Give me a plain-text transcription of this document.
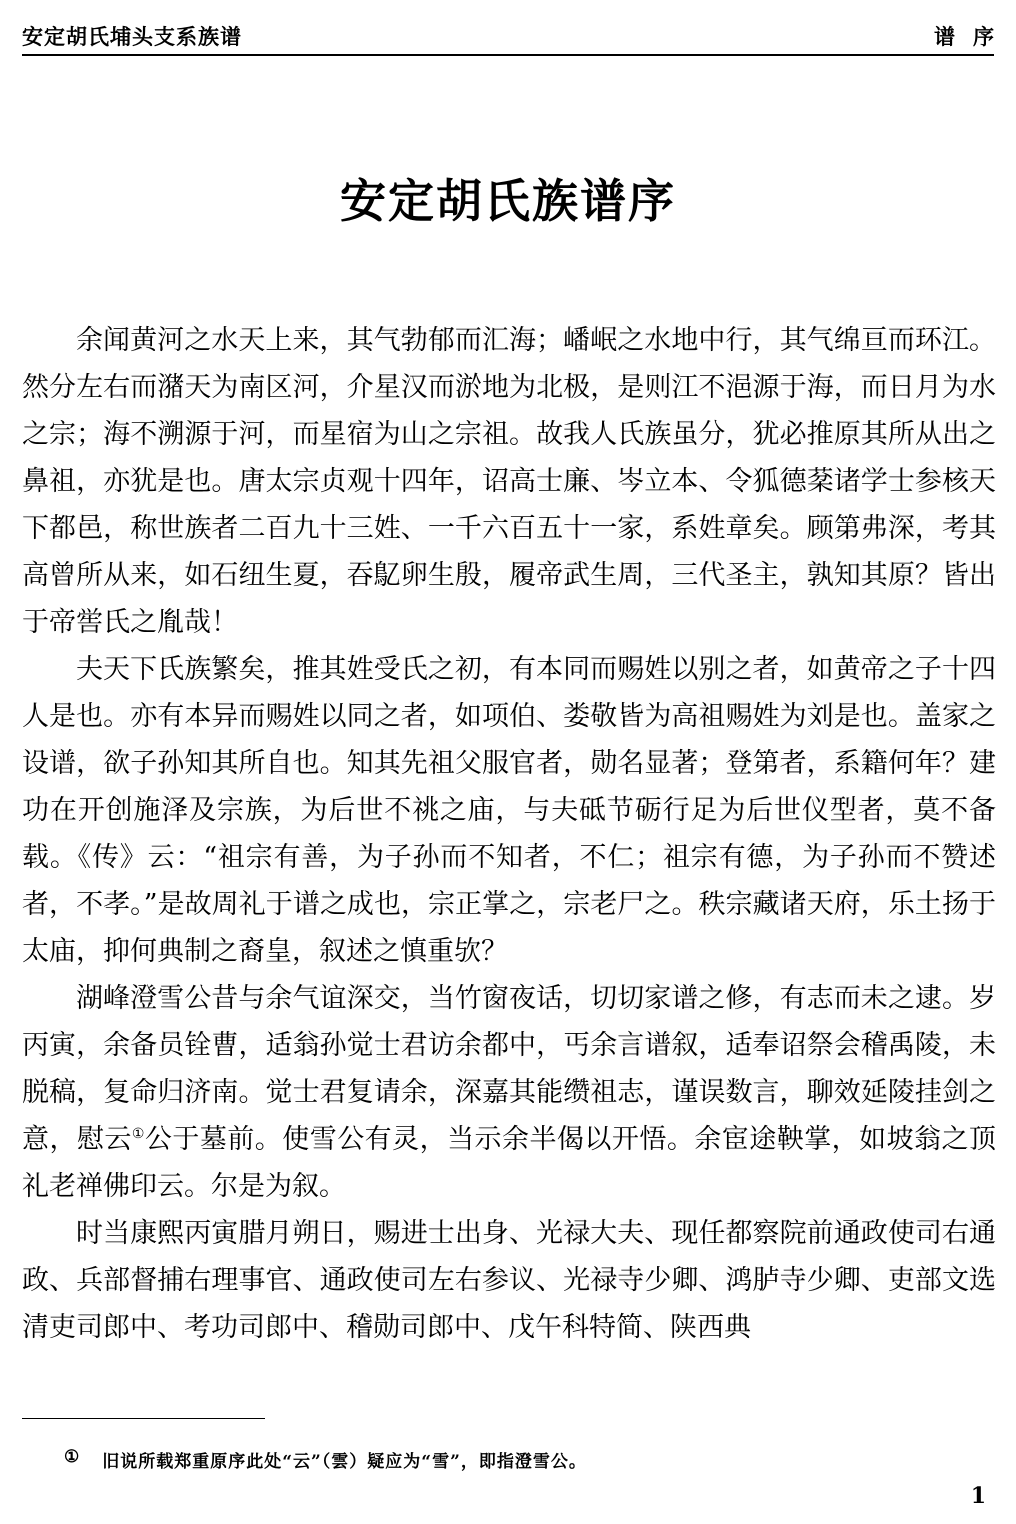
安定胡氏埔头支系族谱	谱序
安定胡氏族谱序

余闻黄河之水天上来，其气勃郁而汇海；嶓岷之水地中行，其气绵亘而环江。然分左右而潴天为南区河，介星汉而淤地为北极，是则江不浥源于海，而日月为水之宗；海不溯源于河，而星宿为山之宗祖。故我人氏族虽分，犹必推原其所从出之鼻祖，亦犹是也。唐太宗贞观十四年，诏高士廉、岑立本、令狐德棻诸学士参核天下都邑，称世族者二百九十三姓、一千六百五十一家，系姓章矣。顾第弗深，考其高曾所从来，如石纽生夏，吞鳦卵生殷，履帝武生周，三代圣主，孰知其原？皆出于帝喾氏之胤哉！

夫天下氏族繁矣，推其姓受氏之初，有本同而赐姓以别之者，如黄帝之子十四人是也。亦有本异而赐姓以同之者，如项伯、娄敬皆为高祖赐姓为刘是也。盖家之设谱，欲子孙知其所自也。知其先祖父服官者，勋名显著；登第者，系籍何年？建功在开创施泽及宗族，为后世不祧之庙，与夫砥节砺行足为后世仪型者，莫不备载。《传》云：“祖宗有善，为子孙而不知者，不仁；祖宗有德，为子孙而不赞述者，不孝。”是故周礼于谱之成也，宗正掌之，宗老尸之。秩宗藏诸天府，乐土扬于太庙，抑何典制之裔皇，叙述之慎重欤？

湖峰澄雪公昔与余气谊深交，当竹窗夜话，切切家谱之修，有志而未之逮。岁丙寅，余备员铨曹，适翁孙觉士君访余都中，丐余言谱叙，适奉诏祭会稽禹陵，未脱稿，复命归济南。觉士君复请余，深嘉其能缵祖志，谨误数言，聊效延陵挂剑之意，慰云①公于墓前。使雪公有灵，当示余半偈以开悟。余宦途鞅掌，如坡翁之顶礼老禅佛印云。尔是为叙。

时当康熙丙寅腊月朔日，赐进士出身、光禄大夫、现任都察院前通政使司右通政、兵部督捕右理事官、通政使司左右参议、光禄寺少卿、鸿胪寺少卿、吏部文选清吏司郎中、考功司郎中、稽勋司郎中、戊午科特简、陕西典

① 旧说所载郑重原序此处“云”（雲）疑应为“雪”，即指澄雪公。
1
